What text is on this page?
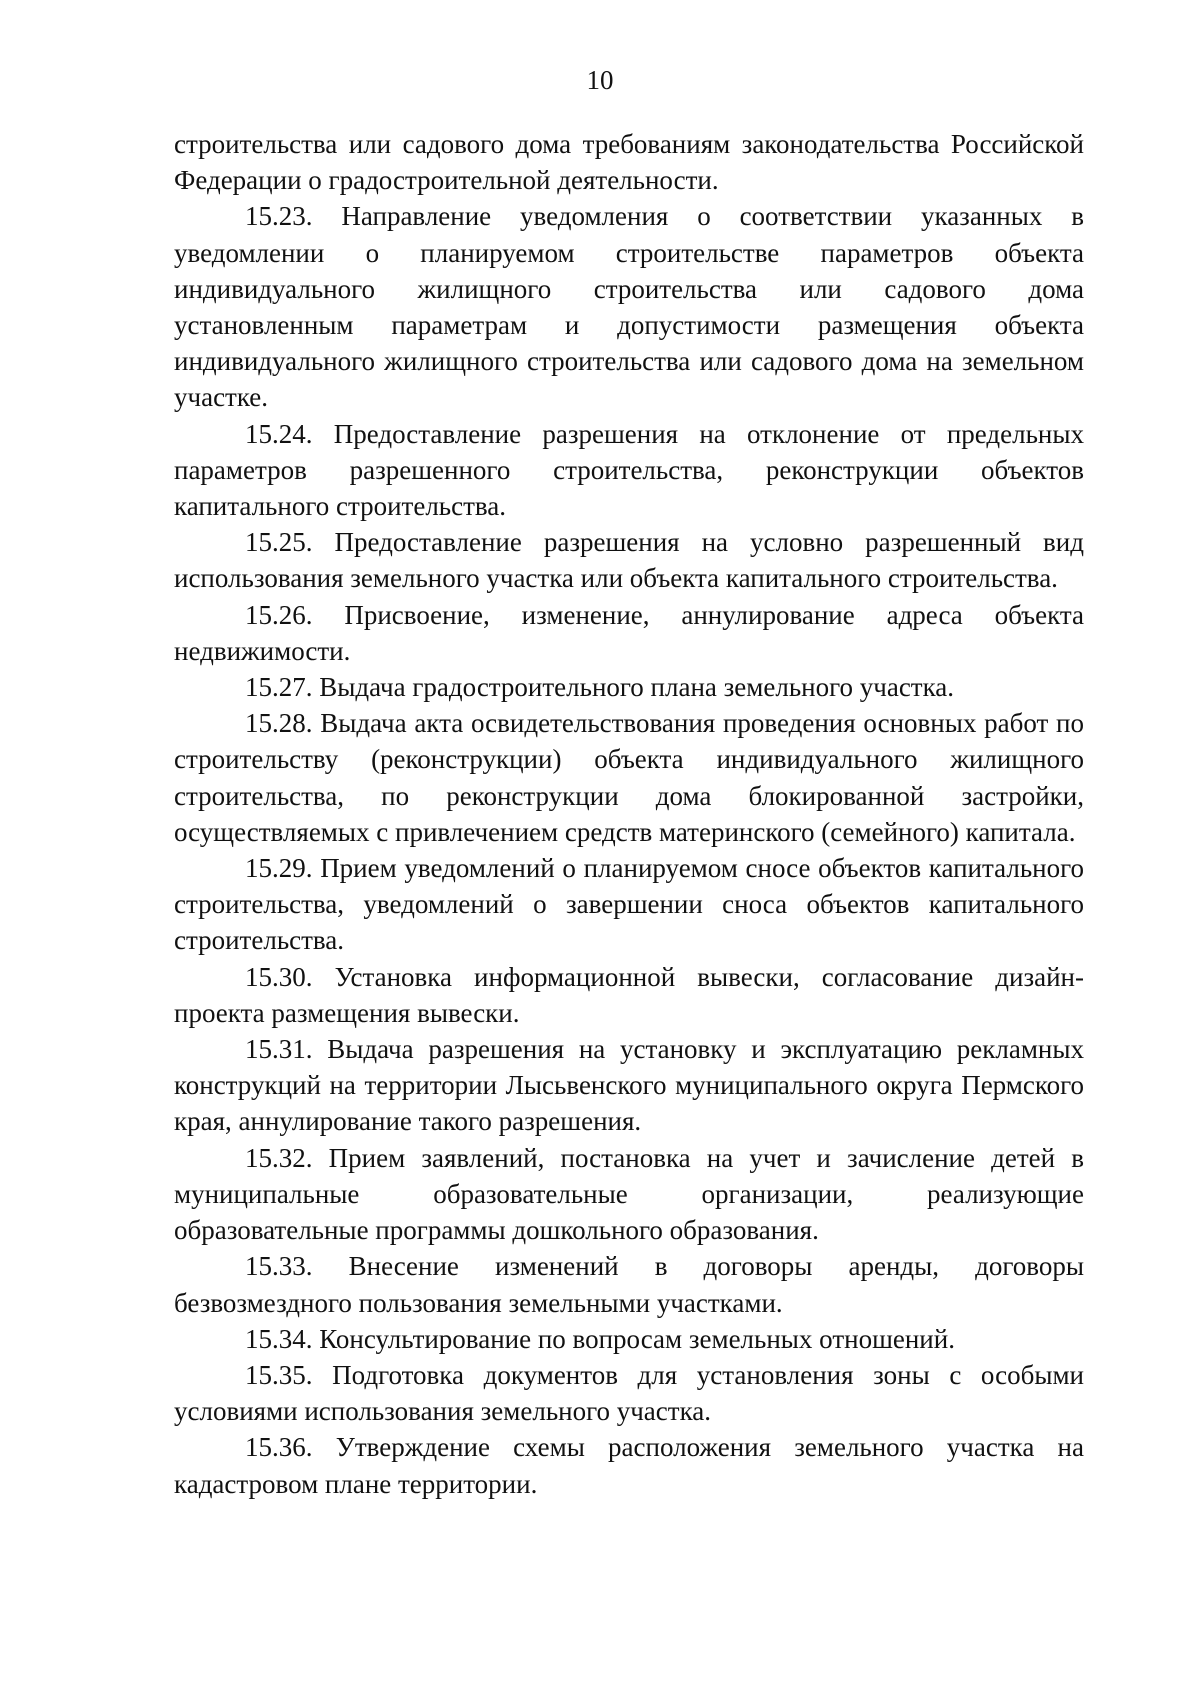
10

строительства или садового дома требованиям законодательства Российской Федерации о градостроительной деятельности.

15.23. Направление уведомления о соответствии указанных в уведомлении о планируемом строительстве параметров объекта индивидуального жилищного строительства или садового дома установленным параметрам и допустимости размещения объекта индивидуального жилищного строительства или садового дома на земельном участке.

15.24. Предоставление разрешения на отклонение от предельных параметров разрешенного строительства, реконструкции объектов капитального строительства.

15.25. Предоставление разрешения на условно разрешенный вид использования земельного участка или объекта капитального строительства.

15.26. Присвоение, изменение, аннулирование адреса объекта недвижимости.

15.27. Выдача градостроительного плана земельного участка.

15.28. Выдача акта освидетельствования проведения основных работ по строительству (реконструкции) объекта индивидуального жилищного строительства, по реконструкции дома блокированной застройки, осуществляемых с привлечением средств материнского (семейного) капитала.

15.29. Прием уведомлений о планируемом сносе объектов капитального строительства, уведомлений о завершении сноса объектов капитального строительства.

15.30. Установка информационной вывески, согласование дизайн-проекта размещения вывески.

15.31. Выдача разрешения на установку и эксплуатацию рекламных конструкций на территории Лысьвенского муниципального округа Пермского края, аннулирование такого разрешения.

15.32. Прием заявлений, постановка на учет и зачисление детей в муниципальные образовательные организации, реализующие образовательные программы дошкольного образования.

15.33. Внесение изменений в договоры аренды, договоры безвозмездного пользования земельными участками.

15.34. Консультирование по вопросам земельных отношений.

15.35. Подготовка документов для установления зоны с особыми условиями использования земельного участка.

15.36. Утверждение схемы расположения земельного участка на кадастровом плане территории.
